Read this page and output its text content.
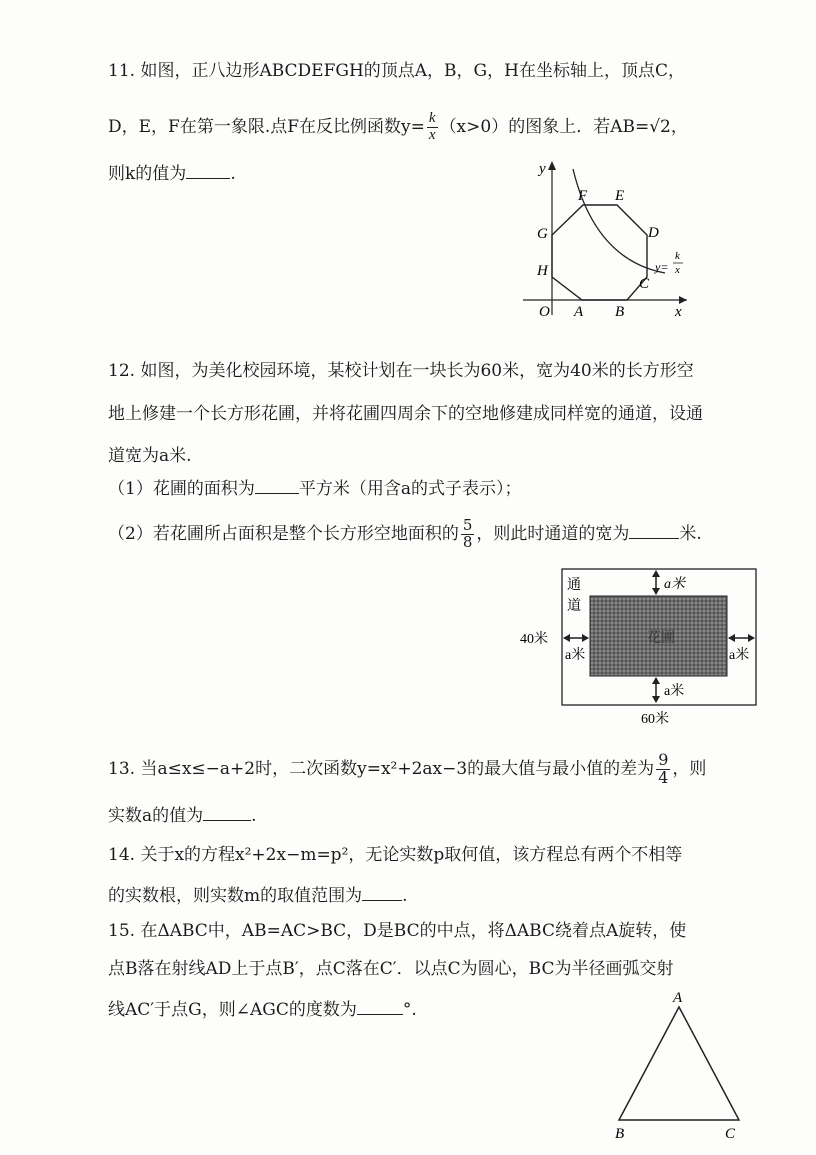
11. 如图，正八边形ABCDEFGH的顶点A，B，G，H在坐标轴上，顶点C，
D，E，F在第一象限.点F在反比例函数$y= \frac{k}{x} (x>0)$的图象上．若AB=√2，
则k的值为	.	y
x
O A B
C
D
E
F
G
H	y=
k
x
12. 如图，为美化校园环境，某校计划在一块长为60米，宽为40米的长方形空
地上修建一个长方形花圃，并将花圃四周余下的空地修建成同样宽的通道，设通
道宽为a米.
（1）花圃的面积为	平方米（用含a的式子表示）；
（2）若花圃所占面积是整个长方形空地面积的 $\frac{5}{8}$ ，则此时通道的宽为	米.
花圃
通
道
a米
a米
a米	a米
40米
60米
13. 当a≤x≤−a+2时，二次函数y=x²+2ax−3的最大值与最小值的差为 $\frac{9}{4}$ ，则
实数a的值为	.
14. 关于x的方程x²+2x−m=p²，无论实数p取何值，该方程总有两个不相等
的实数根，则实数m的取值范围为 .
15. 在ΔABC中，AB=AC>BC，D是BC的中点，将ΔABC绕着点A旋转，使
点B落在射线AD上于点B′，点C落在C′．以点C为圆心，BC为半径画弧交射
线AC′于点G，则∠AGC的度数为	°.
A
B	C
